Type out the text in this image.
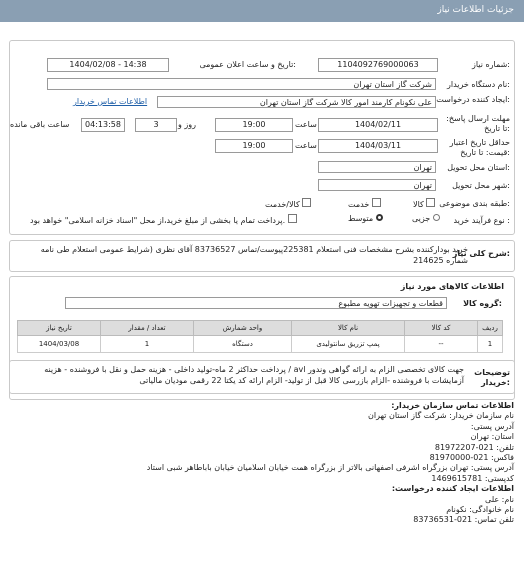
جزئیات اطلاعات نیاز
شماره نیاز:
1104092769000063
تاریخ و ساعت اعلان عمومی:
1404/02/08 - 14:38
نام دستگاه خریدار:
شرکت گاز استان تهران
ایجاد کننده درخواست:
علی نکونام کارمند امور کالا شرکت گاز استان تهران
اطلاعات تماس خریدار
مهلت ارسال پاسخ: تا تاریخ:
1404/02/11
ساعت
19:00
روز و
3
04:13:58
ساعت باقی مانده
حداقل تاریخ اعتبار قیمت: تا تاریخ:
1404/03/11
ساعت
19:00
استان محل تحویل:
تهران
شهر محل تحویل:
تهران
طبقه بندی موضوعی:
کالا
خدمت
کالا/خدمت
نوع فرآیند خرید :
جزیی
متوسط
پرداخت تمام یا بخشی از مبلغ خرید،از محل "اسناد خزانه اسلامی" خواهد بود.
شرح کلی نیاز:
خرید بودارکننده بشرح مشخصات فنی استعلام 225381پیوست/تماس 83736527 آقای نظری (شرایط عمومی استعلام طی نامه شماره 214625
اطلاعات کالاهای مورد نیاز
گروه کالا:
قطعات و تجهیزات تهویه مطبوع
ردیف	کد کالا	نام کالا	واحد شمارش	تعداد / مقدار	تاریخ نیاز
1	--	پمپ تزریق سانتولیدی	دستگاه	1	1404/03/08
توضیحات خریدار:
جهت کالای تخصصی الزام به ارائه گواهی وندور avl / پرداخت حداکثر 2 ماه-تولید داخلی - هزینه حمل و نقل با فروشنده - هزینه آزمایشات با فروشنده -الزام بازرسی کالا قبل از تولید- الزام ارائه کد یکتا 22 رقمی مودیان مالیاتی
اطلاعات تماس سازمان خریدار:
نام سازمان خریدار: شرکت گاز استان تهران
آدرس پستی:
استان: تهران
تلفن: 021-81972207
فاکس: 021-81970000
آدرس پستی: تهران بزرگراه اشرفی اصفهانی بالاتر از بزرگراه همت خیابان اسلامیان خیابان باباطاهر شبی استاد
کدپستی: 1469615781
اطلاعات ایجاد کننده درخواست:
نام: علی
نام خانوادگی: نکونام
تلفن تماس: 021-83736531
